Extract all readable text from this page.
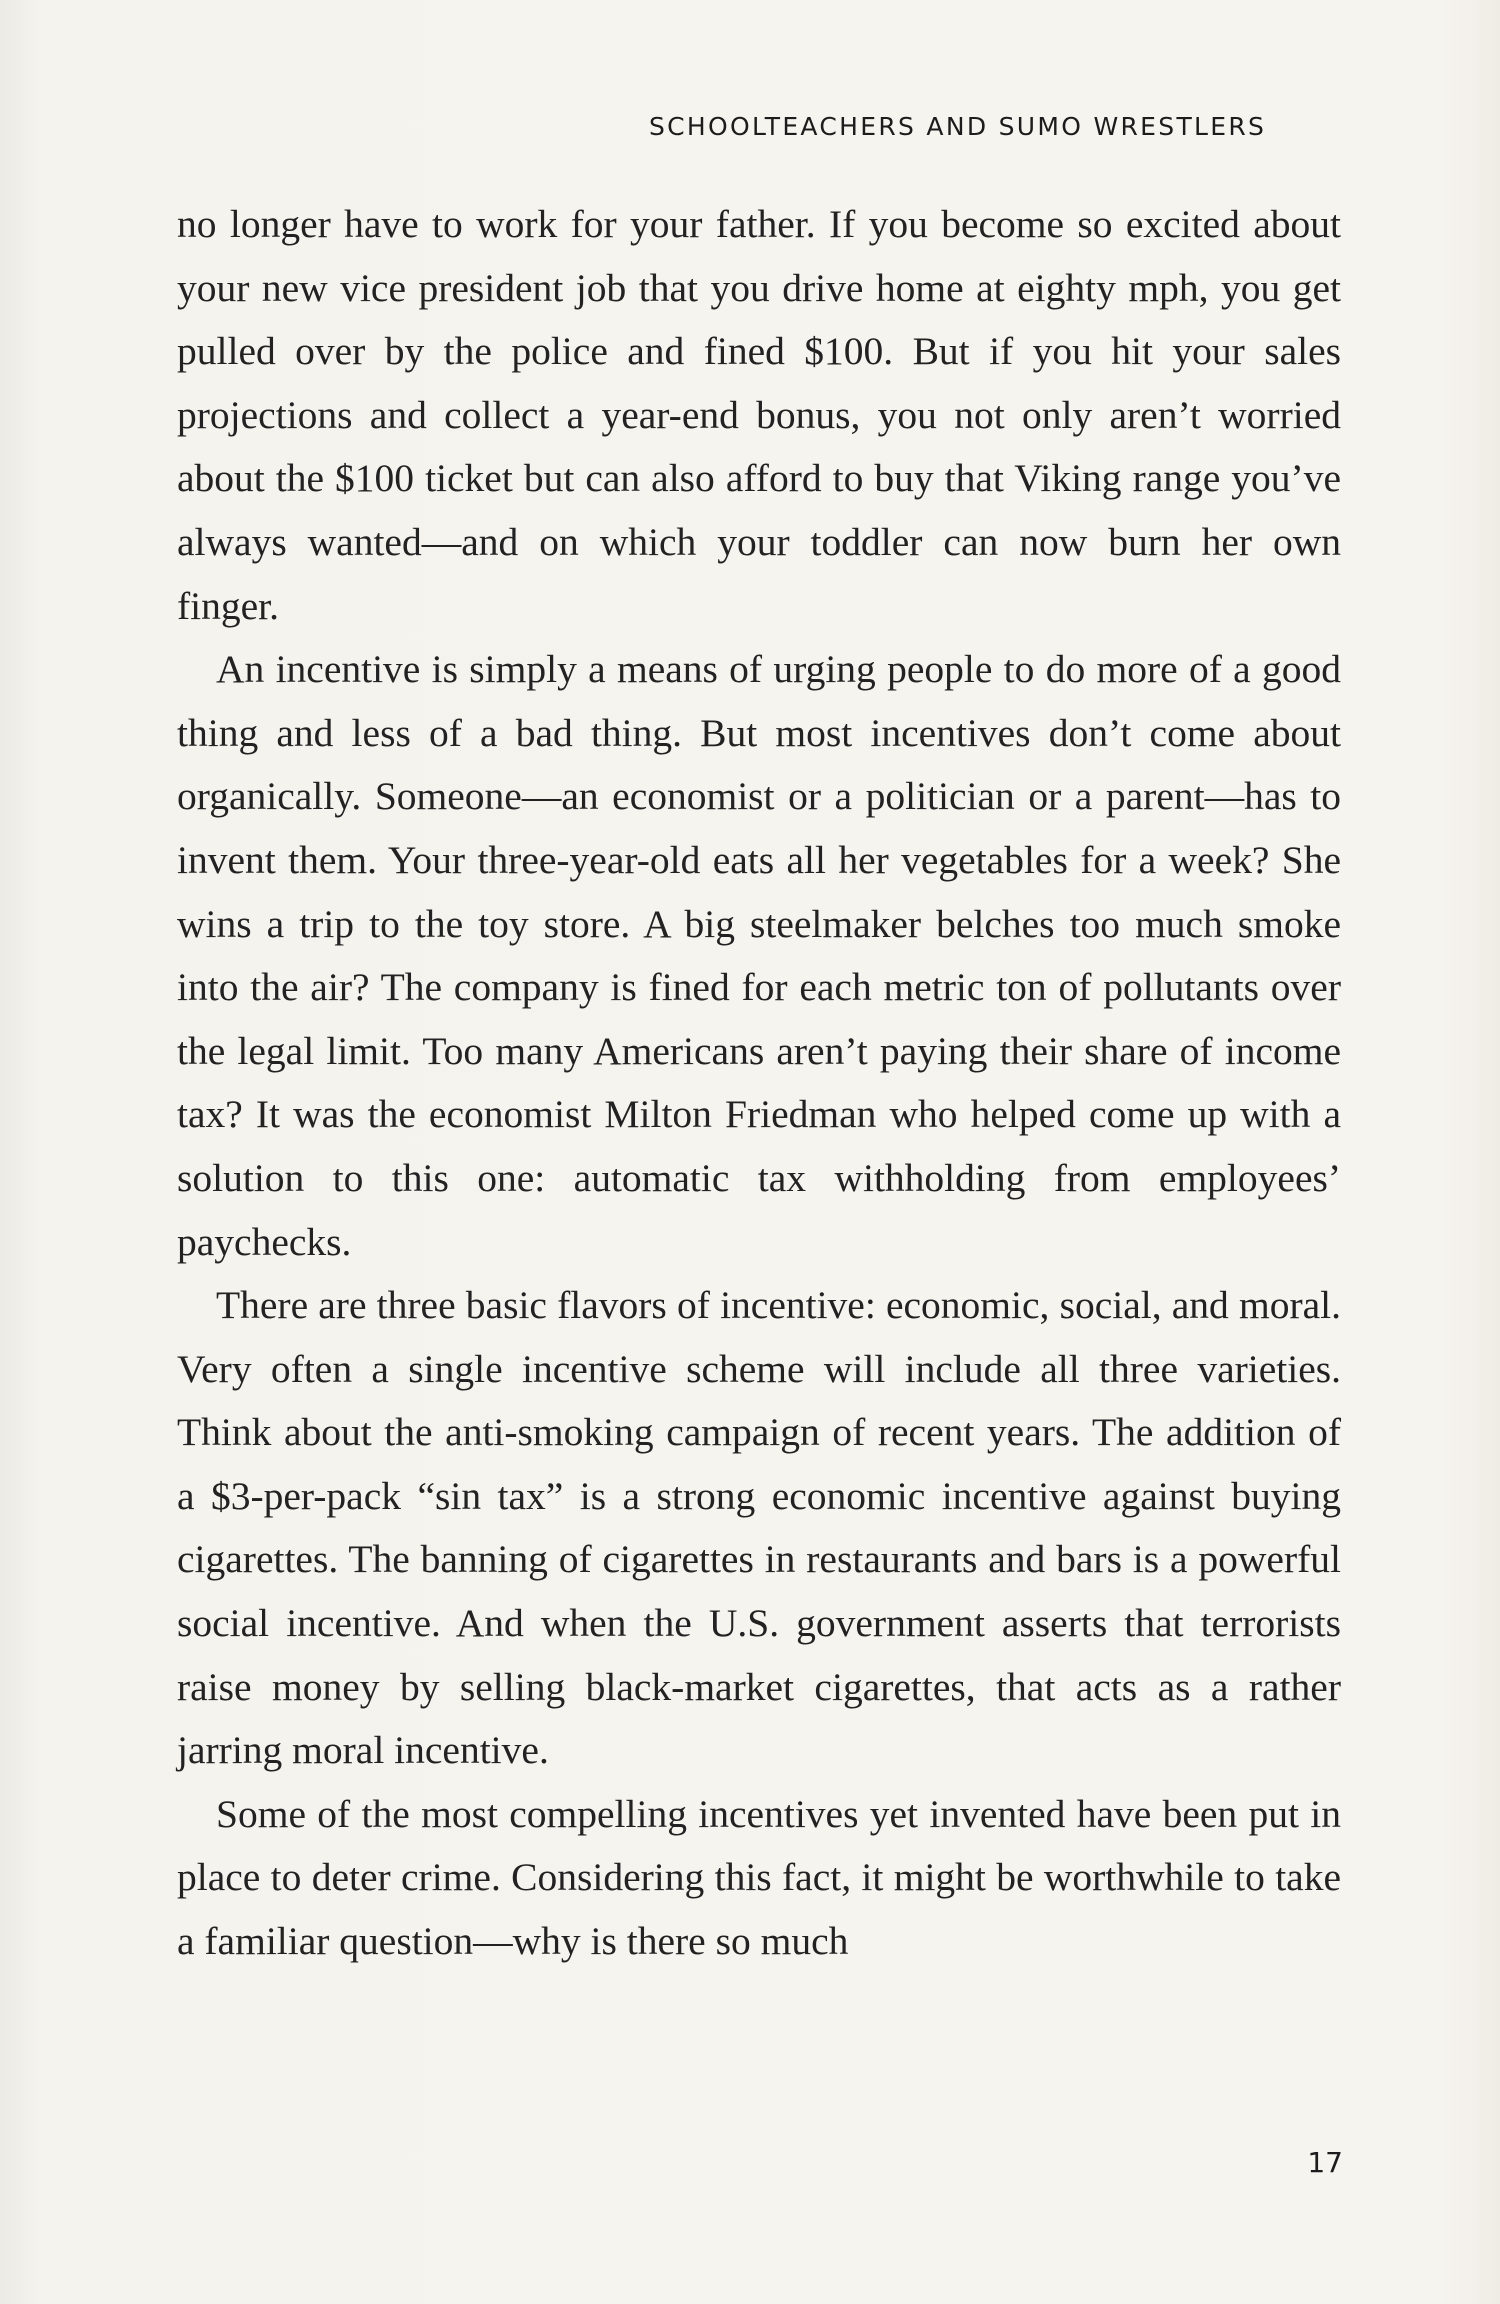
SCHOOLTEACHERS AND SUMO WRESTLERS

no longer have to work for your father. If you become so excited about your new vice president job that you drive home at eighty mph, you get pulled over by the police and fined $100. But if you hit your sales projections and collect a year-end bonus, you not only aren’t worried about the $100 ticket but can also afford to buy that Viking range you’ve always wanted—and on which your toddler can now burn her own finger.

An incentive is simply a means of urging people to do more of a good thing and less of a bad thing. But most incentives don’t come about organically. Someone—an economist or a politician or a parent—has to invent them. Your three-year-old eats all her vegetables for a week? She wins a trip to the toy store. A big steelmaker belches too much smoke into the air? The company is fined for each metric ton of pollutants over the legal limit. Too many Americans aren’t paying their share of income tax? It was the economist Milton Friedman who helped come up with a solution to this one: automatic tax withholding from employees’ paychecks.

There are three basic flavors of incentive: economic, social, and moral. Very often a single incentive scheme will include all three varieties. Think about the anti-smoking campaign of recent years. The addition of a $3-per-pack “sin tax” is a strong economic incentive against buying cigarettes. The banning of cigarettes in restaurants and bars is a powerful social incentive. And when the U.S. government asserts that terrorists raise money by selling black-market cigarettes, that acts as a rather jarring moral incentive.

Some of the most compelling incentives yet invented have been put in place to deter crime. Considering this fact, it might be worthwhile to take a familiar question—why is there so much

17
